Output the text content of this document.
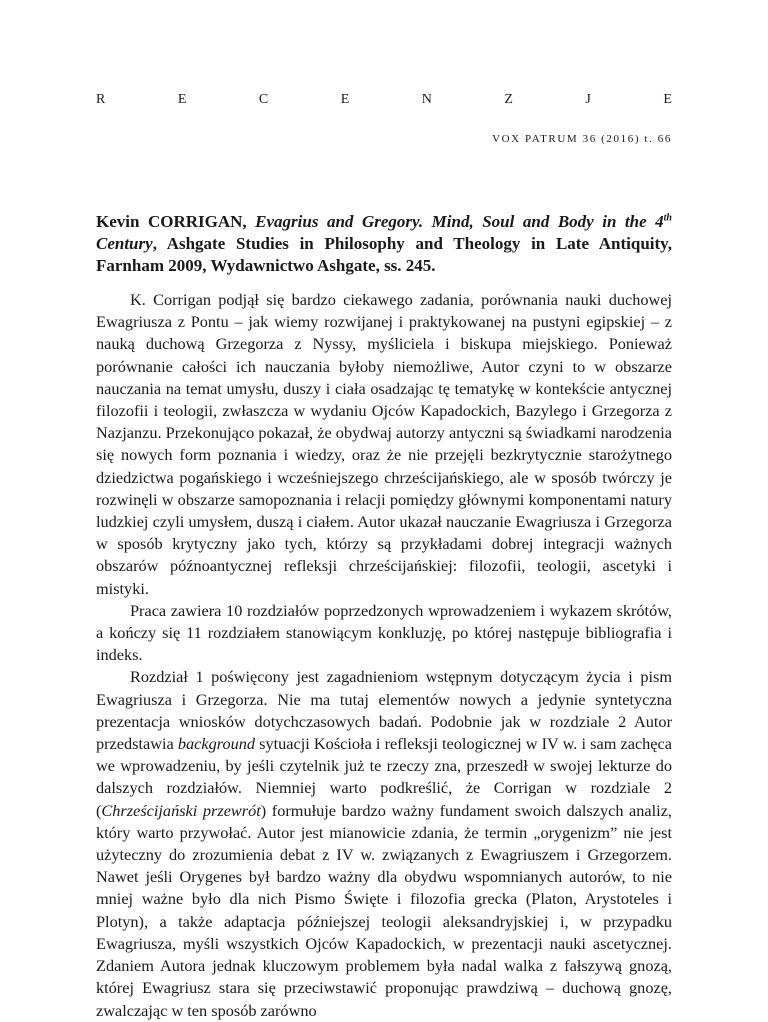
R	E	C	E	N	Z	J	E
VOX PATRUM 36 (2016) t. 66
Kevin CORRIGAN, Evagrius and Gregory. Mind, Soul and Body in the 4th Century, Ashgate Studies in Philosophy and Theology in Late Antiquity, Farnham 2009, Wydawnictwo Ashgate, ss. 245.

K. Corrigan podjął się bardzo ciekawego zadania, porównania nauki duchowej Ewagriusza z Pontu – jak wiemy rozwijanej i praktykowanej na pustyni egipskiej – z nauką duchową Grzegorza z Nyssy, myśliciela i biskupa miejskiego. Ponieważ porównanie całości ich nauczania byłoby niemożliwe, Autor czyni to w obszarze nauczania na temat umysłu, duszy i ciała osadzając tę tematykę w kontekście antycznej filozofii i teologii, zwłaszcza w wydaniu Ojców Kapadockich, Bazylego i Grzegorza z Nazjanzu. Przekonująco pokazał, że obydwaj autorzy antyczni są świadkami narodzenia się nowych form poznania i wiedzy, oraz że nie przejęli bezkrytycznie starożytnego dziedzictwa pogańskiego i wcześniejszego chrześcijańskiego, ale w sposób twórczy je rozwinęli w obszarze samopoznania i relacji pomiędzy głównymi komponentami natury ludzkiej czyli umysłem, duszą i ciałem. Autor ukazał nauczanie Ewagriusza i Grzegorza w sposób krytyczny jako tych, którzy są przykładami dobrej integracji ważnych obszarów późnoantycznej refleksji chrześcijańskiej: filozofii, teologii, ascetyki i mistyki.

Praca zawiera 10 rozdziałów poprzedzonych wprowadzeniem i wykazem skrótów, a kończy się 11 rozdziałem stanowiącym konkluzję, po której następuje bibliografia i indeks.

Rozdział 1 poświęcony jest zagadnieniom wstępnym dotyczącym życia i pism Ewagriusza i Grzegorza. Nie ma tutaj elementów nowych a jedynie syntetyczna prezentacja wniosków dotychczasowych badań. Podobnie jak w rozdziale 2 Autor przedstawia background sytuacji Kościoła i refleksji teologicznej w IV w. i sam zachęca we wprowadzeniu, by jeśli czytelnik już te rzeczy zna, przeszedł w swojej lekturze do dalszych rozdziałów. Niemniej warto podkreślić, że Corrigan w rozdziale 2 (Chrześcijański przewrót) formułuje bardzo ważny fundament swoich dalszych analiz, który warto przywołać. Autor jest mianowicie zdania, że termin „orygenizm” nie jest użyteczny do zrozumienia debat z IV w. związanych z Ewagriuszem i Grzegorzem. Nawet jeśli Orygenes był bardzo ważny dla obydwu wspomnianych autorów, to nie mniej ważne było dla nich Pismo Święte i filozofia grecka (Platon, Arystoteles i Plotyn), a także adaptacja późniejszej teologii aleksandryjskiej i, w przypadku Ewagriusza, myśli wszystkich Ojców Kapadockich, w prezentacji nauki ascetycznej. Zdaniem Autora jednak kluczowym problemem była nadal walka z fałszywą gnozą, której Ewagriusz stara się przeciwstawić proponując prawdziwą – duchową gnozę, zwalczając w ten sposób zarówno
